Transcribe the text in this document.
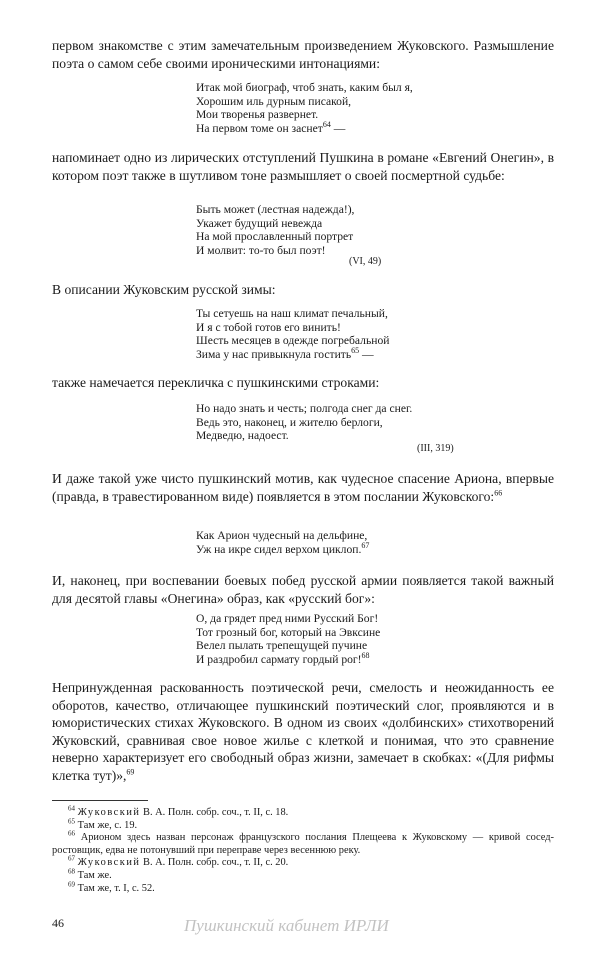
первом знакомстве с этим замечательным произведением Жуковского. Размышление поэта о самом себе своими ироническими интонациями:

Итак мой биограф, чтоб знать, каким был я,
Хорошим иль дурным писакой,
Мои творенья развернет.
На первом томе он заснет$^{64}$ —

напоминает одно из лирических отступлений Пушкина в романе «Евгений Онегин», в котором поэт также в шутливом тоне размышляет о своей посмертной судьбе:

Быть может (лестная надежда!),
Укажет будущий невежда
На мой прославленный портрет
И молвит: то-то был поэт!
(VI, 49)

В описании Жуковским русской зимы:

Ты сетуешь на наш климат печальный,
И я с тобой готов его винить!
Шесть месяцев в одежде погребальной
Зима у нас привыкнула гостить$^{65}$ —

также намечается перекличка с пушкинскими строками:

Но надо знать и честь; полгода снег да снег.
Ведь это, наконец, и жителю берлоги,
Медведю, надоест.
(III, 319)

И даже такой уже чисто пушкинский мотив, как чудесное спасение Ариона, впервые (правда, в травестированном виде) появляется в этом послании Жуковского:$^{66}$

Как Арион чудесный на дельфине,
Уж на икре сидел верхом циклоп.$^{67}$

И, наконец, при воспевании боевых побед русской армии появляется такой важный для десятой главы «Онегина» образ, как «русский бог»:

О, да грядет пред ними Русский Бог!
Тот грозный бог, который на Эвксине
Велел пылать трепещущей пучине
И раздробил сармату гордый рог!$^{68}$

Непринужденная раскованность поэтической речи, смелость и неожиданность ее оборотов, качество, отличающее пушкинский поэтический слог, проявляются и в юмористических стихах Жуковского. В одном из своих «долбинских» стихотворений Жуковский, сравнивая свое новое жилье с клеткой и понимая, что это сравнение неверно характеризует его свободный образ жизни, замечает в скобках: «(Для рифмы клетка тут)»,$^{69}$

$^{64}$ Жуковский В. А. Полн. собр. соч., т. II, с. 18.
$^{65}$ Там же, с. 19.
$^{66}$ Арионом здесь назван персонаж французского послания Плещеева к Жуковскому — кривой сосед-ростовщик, едва не потонувший при переправе через весеннюю реку.
$^{67}$ Жуковский В. А. Полн. собр. соч., т. II, с. 20.
$^{68}$ Там же.
$^{69}$ Там же, т. I, с. 52.
46	Пушкинский кабинет ИРЛИ
